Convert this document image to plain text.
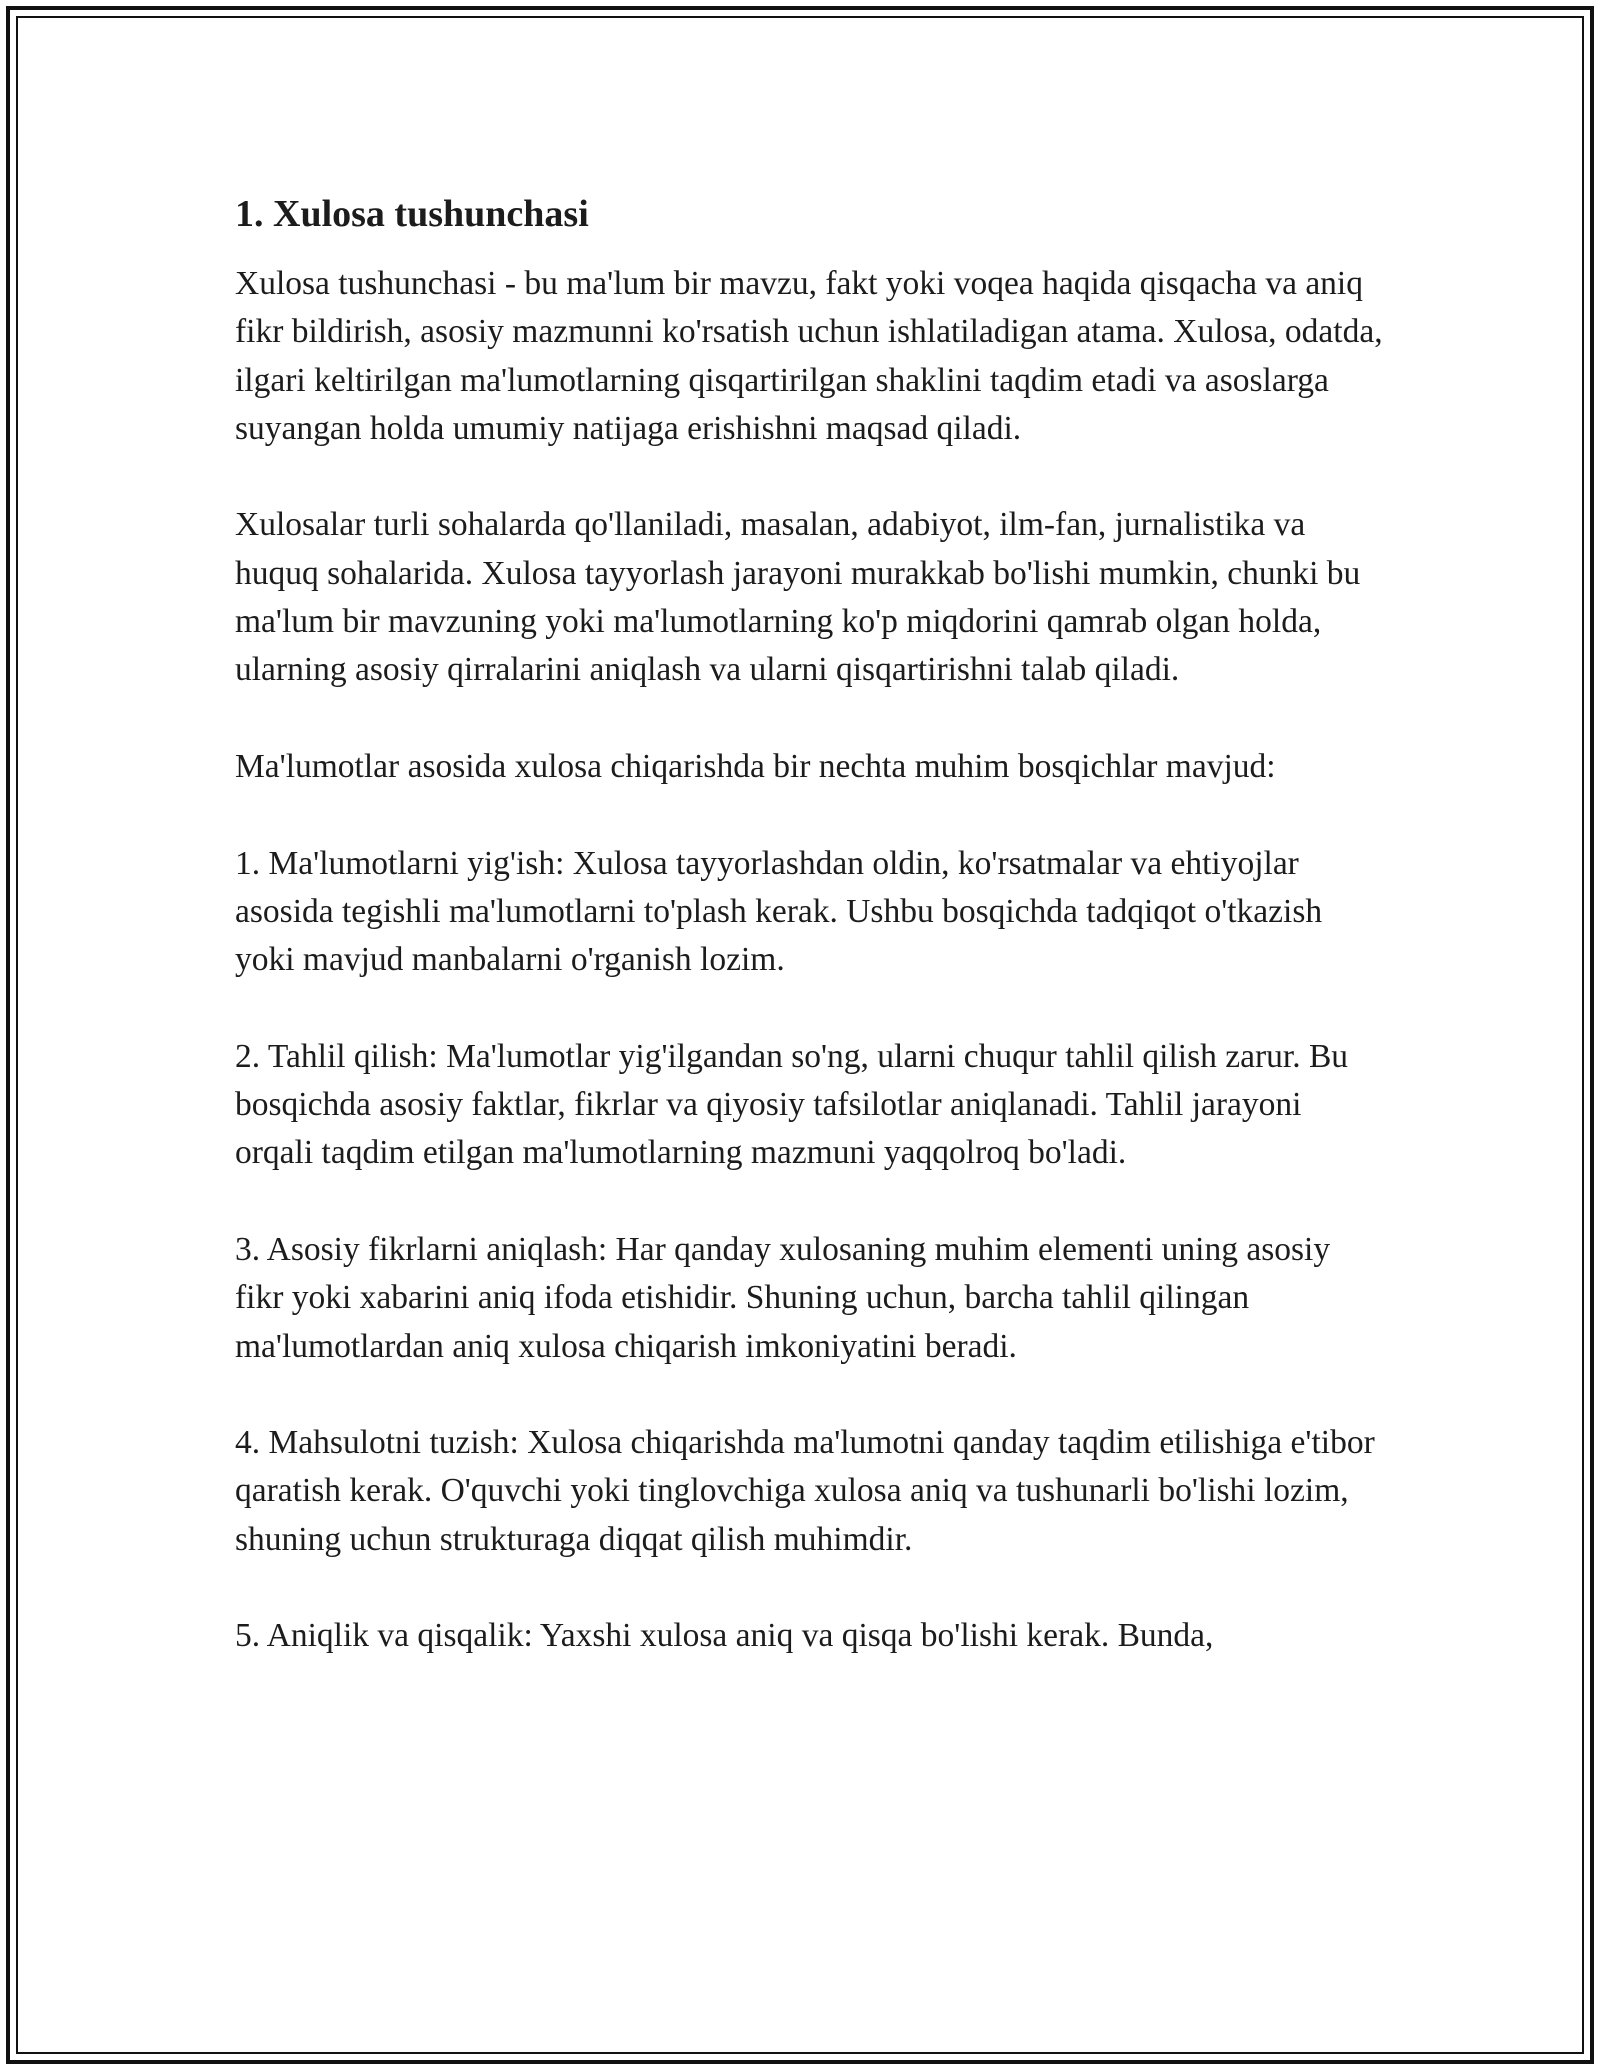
1. Xulosa tushunchasi

Xulosa tushunchasi - bu ma'lum bir mavzu, fakt yoki voqea haqida qisqacha va aniq fikr bildirish, asosiy mazmunni ko'rsatish uchun ishlatiladigan atama. Xulosa, odatda, ilgari keltirilgan ma'lumotlarning qisqartirilgan shaklini taqdim etadi va asoslarga suyangan holda umumiy natijaga erishishni maqsad qiladi.

Xulosalar turli sohalarda qo'llaniladi, masalan, adabiyot, ilm-fan, jurnalistika va huquq sohalarida. Xulosa tayyorlash jarayoni murakkab bo'lishi mumkin, chunki bu ma'lum bir mavzuning yoki ma'lumotlarning ko'p miqdorini qamrab olgan holda, ularning asosiy qirralarini aniqlash va ularni qisqartirishni talab qiladi.

Ma'lumotlar asosida xulosa chiqarishda bir nechta muhim bosqichlar mavjud:

1. Ma'lumotlarni yig'ish: Xulosa tayyorlashdan oldin, ko'rsatmalar va ehtiyojlar asosida tegishli ma'lumotlarni to'plash kerak. Ushbu bosqichda tadqiqot o'tkazish yoki mavjud manbalarni o'rganish lozim.

2. Tahlil qilish: Ma'lumotlar yig'ilgandan so'ng, ularni chuqur tahlil qilish zarur. Bu bosqichda asosiy faktlar, fikrlar va qiyosiy tafsilotlar aniqlanadi. Tahlil jarayoni orqali taqdim etilgan ma'lumotlarning mazmuni yaqqolroq bo'ladi.

3. Asosiy fikrlarni aniqlash: Har qanday xulosaning muhim elementi uning asosiy fikr yoki xabarini aniq ifoda etishidir. Shuning uchun, barcha tahlil qilingan ma'lumotlardan aniq xulosa chiqarish imkoniyatini beradi.

4. Mahsulotni tuzish: Xulosa chiqarishda ma'lumotni qanday taqdim etilishiga e'tibor qaratish kerak. O'quvchi yoki tinglovchiga xulosa aniq va tushunarli bo'lishi lozim, shuning uchun strukturaga diqqat qilish muhimdir.

5. Aniqlik va qisqalik: Yaxshi xulosa aniq va qisqa bo'lishi kerak. Bunda,
